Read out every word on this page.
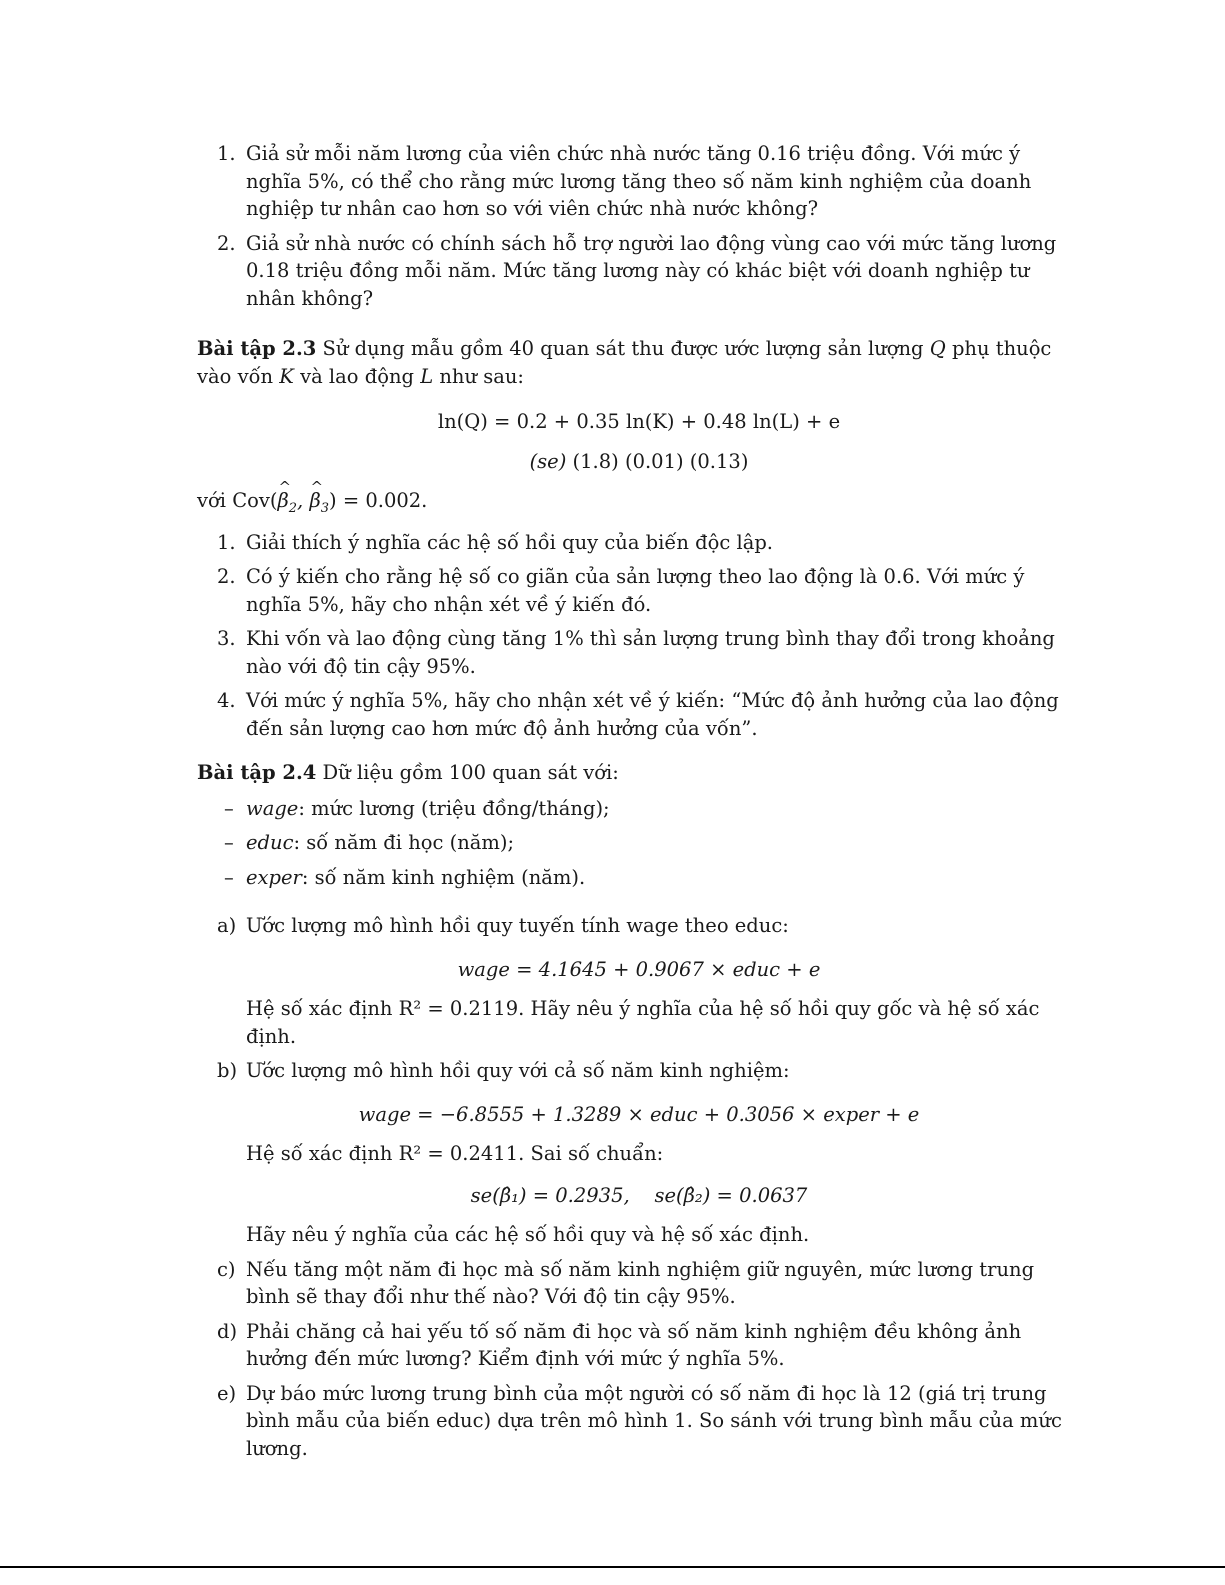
1. Giả sử mỗi năm lương của viên chức nhà nước tăng 0.16 triệu đồng. Với mức ý nghĩa 5%, có thể cho rằng mức lương tăng theo số năm kinh nghiệm của doanh nghiệp tư nhân cao hơn so với viên chức nhà nước không?
2. Giả sử nhà nước có chính sách hỗ trợ người lao động vùng cao với mức tăng lương 0.18 triệu đồng mỗi năm. Mức tăng lương này có khác biệt với doanh nghiệp tư nhân không?

Bài tập 2.3 Sử dụng mẫu gồm 40 quan sát thu được ước lượng sản lượng Q phụ thuộc vào vốn K và lao động L như sau:

ln(Q) = 0.2 + 0.35 ln(K) + 0.48 ln(L) + e
(se) (1.8) (0.01) (0.13)

với Cov(^ $\beta_2$, ^ $\beta_3) = 0.002$.

1. Giải thích ý nghĩa các hệ số hồi quy của biến độc lập.
2. Có ý kiến cho rằng hệ số co giãn của sản lượng theo lao động là 0.6. Với mức ý nghĩa 5%, hãy cho nhận xét về ý kiến đó.
3. Khi vốn và lao động cùng tăng 1% thì sản lượng trung bình thay đổi trong khoảng nào với độ tin cậy 95%.
4. Với mức ý nghĩa 5%, hãy cho nhận xét về ý kiến: “Mức độ ảnh hưởng của lao động đến sản lượng cao hơn mức độ ảnh hưởng của vốn”.

Bài tập 2.4 Dữ liệu gồm 100 quan sát với:

– wage: mức lương (triệu đồng/tháng);
– educ: số năm đi học (năm);
– exper: số năm kinh nghiệm (năm).
a) Ước lượng mô hình hồi quy tuyến tính wage theo educ:
wage = 4.1645 + 0.9067 × educ + e
Hệ số xác định R² = 0.2119. Hãy nêu ý nghĩa của hệ số hồi quy gốc và hệ số xác định.
b) Ước lượng mô hình hồi quy với cả số năm kinh nghiệm:
wage = −6.8555 + 1.3289 × educ + 0.3056 × exper + e
Hệ số xác định R² = 0.2411. Sai số chuẩn:
se(β̂₁) = 0.2935, se(β̂₂) = 0.0637
Hãy nêu ý nghĩa của các hệ số hồi quy và hệ số xác định.
c) Nếu tăng một năm đi học mà số năm kinh nghiệm giữ nguyên, mức lương trung bình sẽ thay đổi như thế nào? Với độ tin cậy 95%.
d) Phải chăng cả hai yếu tố số năm đi học và số năm kinh nghiệm đều không ảnh hưởng đến mức lương? Kiểm định với mức ý nghĩa 5%.
e) Dự báo mức lương trung bình của một người có số năm đi học là 12 (giá trị trung bình mẫu của biến educ) dựa trên mô hình 1. So sánh với trung bình mẫu của mức lương.
